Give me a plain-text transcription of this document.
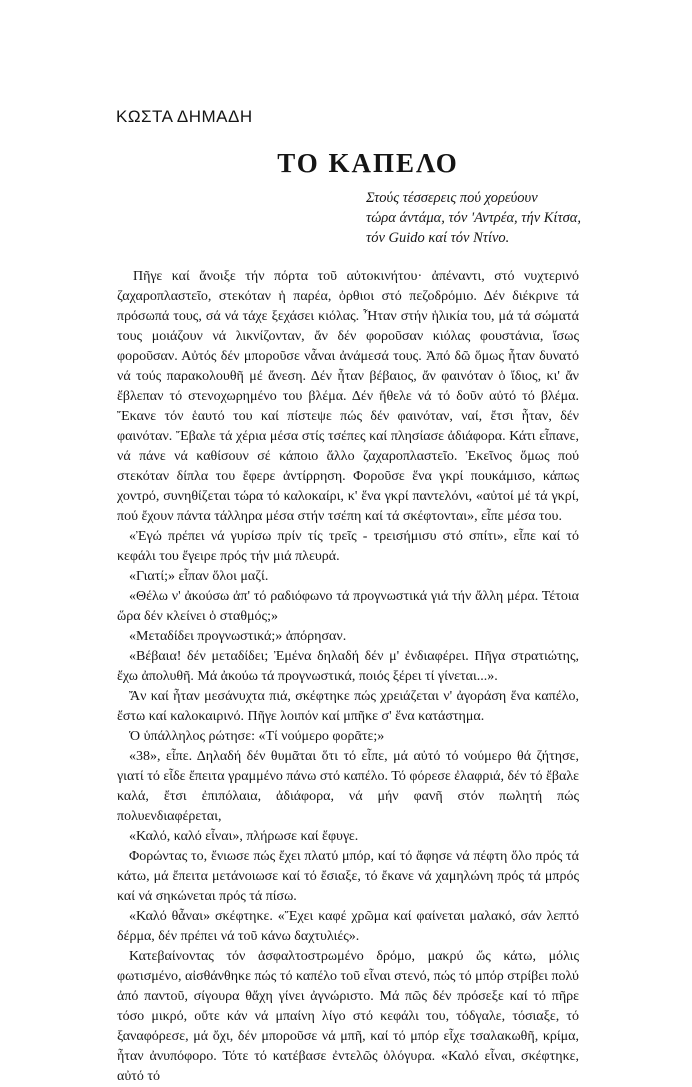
ΚΩΣΤΑ ΔΗΜΑΔΗ
ΤΟ ΚΑΠΕΛΟ
Στούς τέσσερεις πού χορεύουν
τώρα άντάμα, τόν 'Αντρέα, τήν Κίτσα,
τόν Guido καί τόν Ντίνο.

Πῆγε καί ἄνοιξε τήν πόρτα τοῦ αὐτοκινήτου· ἀπέναντι, στό νυχτερινό ζαχαροπλαστεῖο, στεκόταν ἡ παρέα, ὀρθιοι στό πεζοδρόμιο. Δέν διέκρινε τά πρόσωπά τους, σά νά τάχε ξεχάσει κιόλας. Ἦταν στήν ἡλικία του, μά τά σώματά τους μοιάζουν νά λικνίζονταν, ἄν δέν φοροῦσαν κιόλας φουστάνια, ἴσως φοροῦσαν. Αὐτός δέν μποροῦσε νἆναι ἀνάμεσά τους. Ἀπό δῶ ὅμως ἦταν δυνατό νά τούς παρακολουθῆ μέ ἄνεση. Δέν ἦταν βέβαιος, ἄν φαινόταν ὁ ἴδιος, κι' ἄν ἔβλεπαν τό στενοχωρημένο του βλέμα. Δέν ἤθελε νά τό δοῦν αὐτό τό βλέμα. Ἔκανε τόν ἑαυτό του καί πίστεψε πώς δέν φαινόταν, ναί, ἔτσι ἦταν, δέν φαινόταν. Ἔβαλε τά χέρια μέσα στίς τσέπες καί πλησίασε ἀδιάφορα. Κάτι εἶπανε, νά πάνε νά καθίσουν σέ κάποιο ἄλλο ζαχαροπλαστεῖο. Ἐκεῖνος ὅμως πού στεκόταν δίπλα του ἔφερε ἀντίρρηση. Φοροῦσε ἕνα γκρί πουκάμισο, κάπως χοντρό, συνηθίζεται τώρα τό καλοκαίρι, κ' ἕνα γκρί παντελόνι, «αὐτοί μέ τά γκρί, πού ἔχουν πάντα τάλληρα μέσα στήν τσέπη καί τά σκέφτονται», εἶπε μέσα του.

«Ἐγώ πρέπει νά γυρίσω πρίν τίς τρεῖς - τρεισήμισυ στό σπίτι», εἶπε καί τό κεφάλι του ἔγειρε πρός τήν μιά πλευρά.

«Γιατί;» εἶπαν ὅλοι μαζί.

«Θέλω ν' ἀκούσω ἀπ' τό ραδιόφωνο τά προγνωστικά γιά τήν ἄλλη μέρα. Τέτοια ὥρα δέν κλείνει ὁ σταθμός;»

«Μεταδίδει προγνωστικά;» ἀπόρησαν.

«Βέβαια! δέν μεταδίδει; Ἐμένα δηλαδή δέν μ' ἐνδιαφέρει. Πῆγα στρατιώτης, ἔχω ἀπολυθῆ. Μά ἀκούω τά προγνωστικά, ποιός ξέρει τί γίνεται...».

Ἄν καί ἦταν μεσάνυχτα πιά, σκέφτηκε πώς χρειάζεται ν' ἀγοράση ἕνα καπέλο, ἔστω καί καλοκαιρινό. Πῆγε λοιπόν καί μπῆκε σ' ἕνα κατάστημα.

Ὁ ὑπάλληλος ρώτησε: «Τί νούμερο φορᾶτε;»

«38», εἶπε. Δηλαδή δέν θυμᾶται ὅτι τό εἶπε, μά αὐτό τό νούμερο θά ζήτησε, γιατί τό εἶδε ἔπειτα γραμμένο πάνω στό καπέλο. Τό φόρεσε ἐλαφριά, δέν τό ἔβαλε καλά, ἔτσι ἐπιπόλαια, ἀδιάφορα, νά μήν φανῆ στόν πωλητή πώς πολυενδιαφέρεται,

«Καλό, καλό εἶναι», πλήρωσε καί ἔφυγε.

Φορώντας το, ἔνιωσε πώς ἔχει πλατύ μπόρ, καί τό ἄφησε νά πέφτη ὅλο πρός τά κάτω, μά ἔπειτα μετάνοιωσε καί τό ἔσιαξε, τό ἔκανε νά χαμηλώνη πρός τά μπρός καί νά σηκώνεται πρός τά πίσω.

«Καλό θἆναι» σκέφτηκε. «Ἔχει καφέ χρῶμα καί φαίνεται μαλακό, σάν λεπτό δέρμα, δέν πρέπει νά τοῦ κάνω δαχτυλιές».

Κατεβαίνοντας τόν ἀσφαλτοστρωμένο δρόμο, μακρύ ὥς κάτω, μόλις φωτισμένο, αἰσθάνθηκε πώς τό καπέλο τοῦ εἶναι στενό, πώς τό μπόρ στρίβει πολύ ἀπό παντοῦ, σίγουρα θἄχη γίνει ἀγνώριστο. Μά πῶς δέν πρόσεξε καί τό πῆρε τόσο μικρό, οὔτε κάν νά μπαίνη λίγο στό κεφάλι του, τόδγαλε, τόσιαξε, τό ξαναφόρεσε, μά ὄχι, δέν μποροῦσε νά μπῆ, καί τό μπόρ εἶχε τσαλακωθῆ, κρίμα, ἦταν ἀνυπόφορο. Τότε τό κατέβασε ἐντελῶς ὁλόγυρα. «Καλό εἶναι, σκέφτηκε, αὐτό τό
